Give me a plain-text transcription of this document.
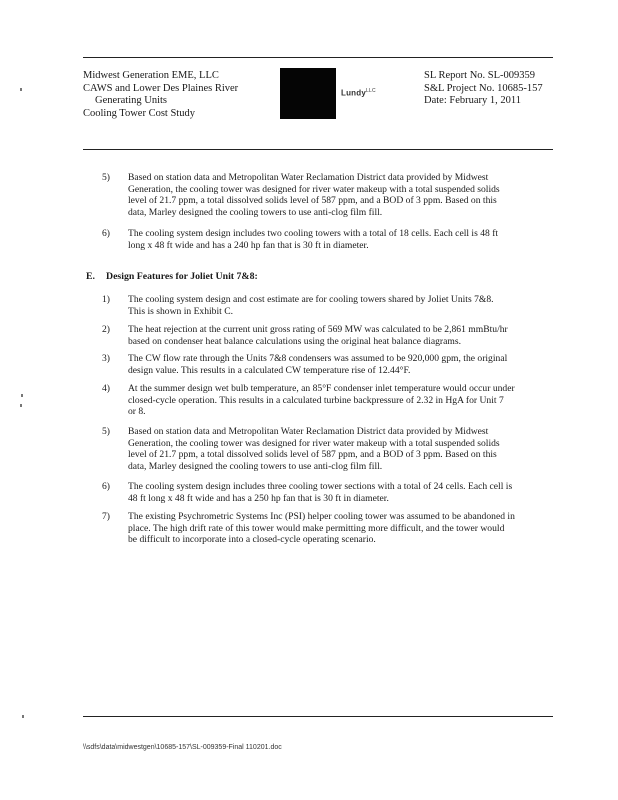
Midwest Generation EME, LLC
CAWS and Lower Des Plaines River
Generating Units
Cooling Tower Cost Study
Lundy$^{LLC}$
SL Report No. SL-009359
S&L Project No. 10685-157
Date: February 1, 2011
5) Based on station data and Metropolitan Water Reclamation District data provided by Midwest
Generation, the cooling tower was designed for river water makeup with a total suspended solids
level of 21.7 ppm, a total dissolved solids level of 587 ppm, and a BOD of 3 ppm. Based on this
data, Marley designed the cooling towers to use anti-clog film fill.
6) The cooling system design includes two cooling towers with a total of 18 cells. Each cell is 48 ft
long x 48 ft wide and has a 240 hp fan that is 30 ft in diameter.
E. Design Features for Joliet Unit 7&8:
1) The cooling system design and cost estimate are for cooling towers shared by Joliet Units 7&8.
This is shown in Exhibit C.
2) The heat rejection at the current unit gross rating of 569 MW was calculated to be 2,861 mmBtu/hr
based on condenser heat balance calculations using the original heat balance diagrams.
3) The CW flow rate through the Units 7&8 condensers was assumed to be 920,000 gpm, the original
design value. This results in a calculated CW temperature rise of 12.44°F.
4) At the summer design wet bulb temperature, an 85°F condenser inlet temperature would occur under
closed-cycle operation. This results in a calculated turbine backpressure of 2.32 in HgA for Unit 7
or 8.
5) Based on station data and Metropolitan Water Reclamation District data provided by Midwest
Generation, the cooling tower was designed for river water makeup with a total suspended solids
level of 21.7 ppm, a total dissolved solids level of 587 ppm, and a BOD of 3 ppm. Based on this
data, Marley designed the cooling towers to use anti-clog film fill.
6) The cooling system design includes three cooling tower sections with a total of 24 cells. Each cell is
48 ft long x 48 ft wide and has a 250 hp fan that is 30 ft in diameter.
7) The existing Psychrometric Systems Inc (PSI) helper cooling tower was assumed to be abandoned in
place. The high drift rate of this tower would make permitting more difficult, and the tower would
be difficult to incorporate into a closed-cycle operating scenario.
\\sdfs\data\midwestgen\10685-157\SL-009359-Final 110201.doc
